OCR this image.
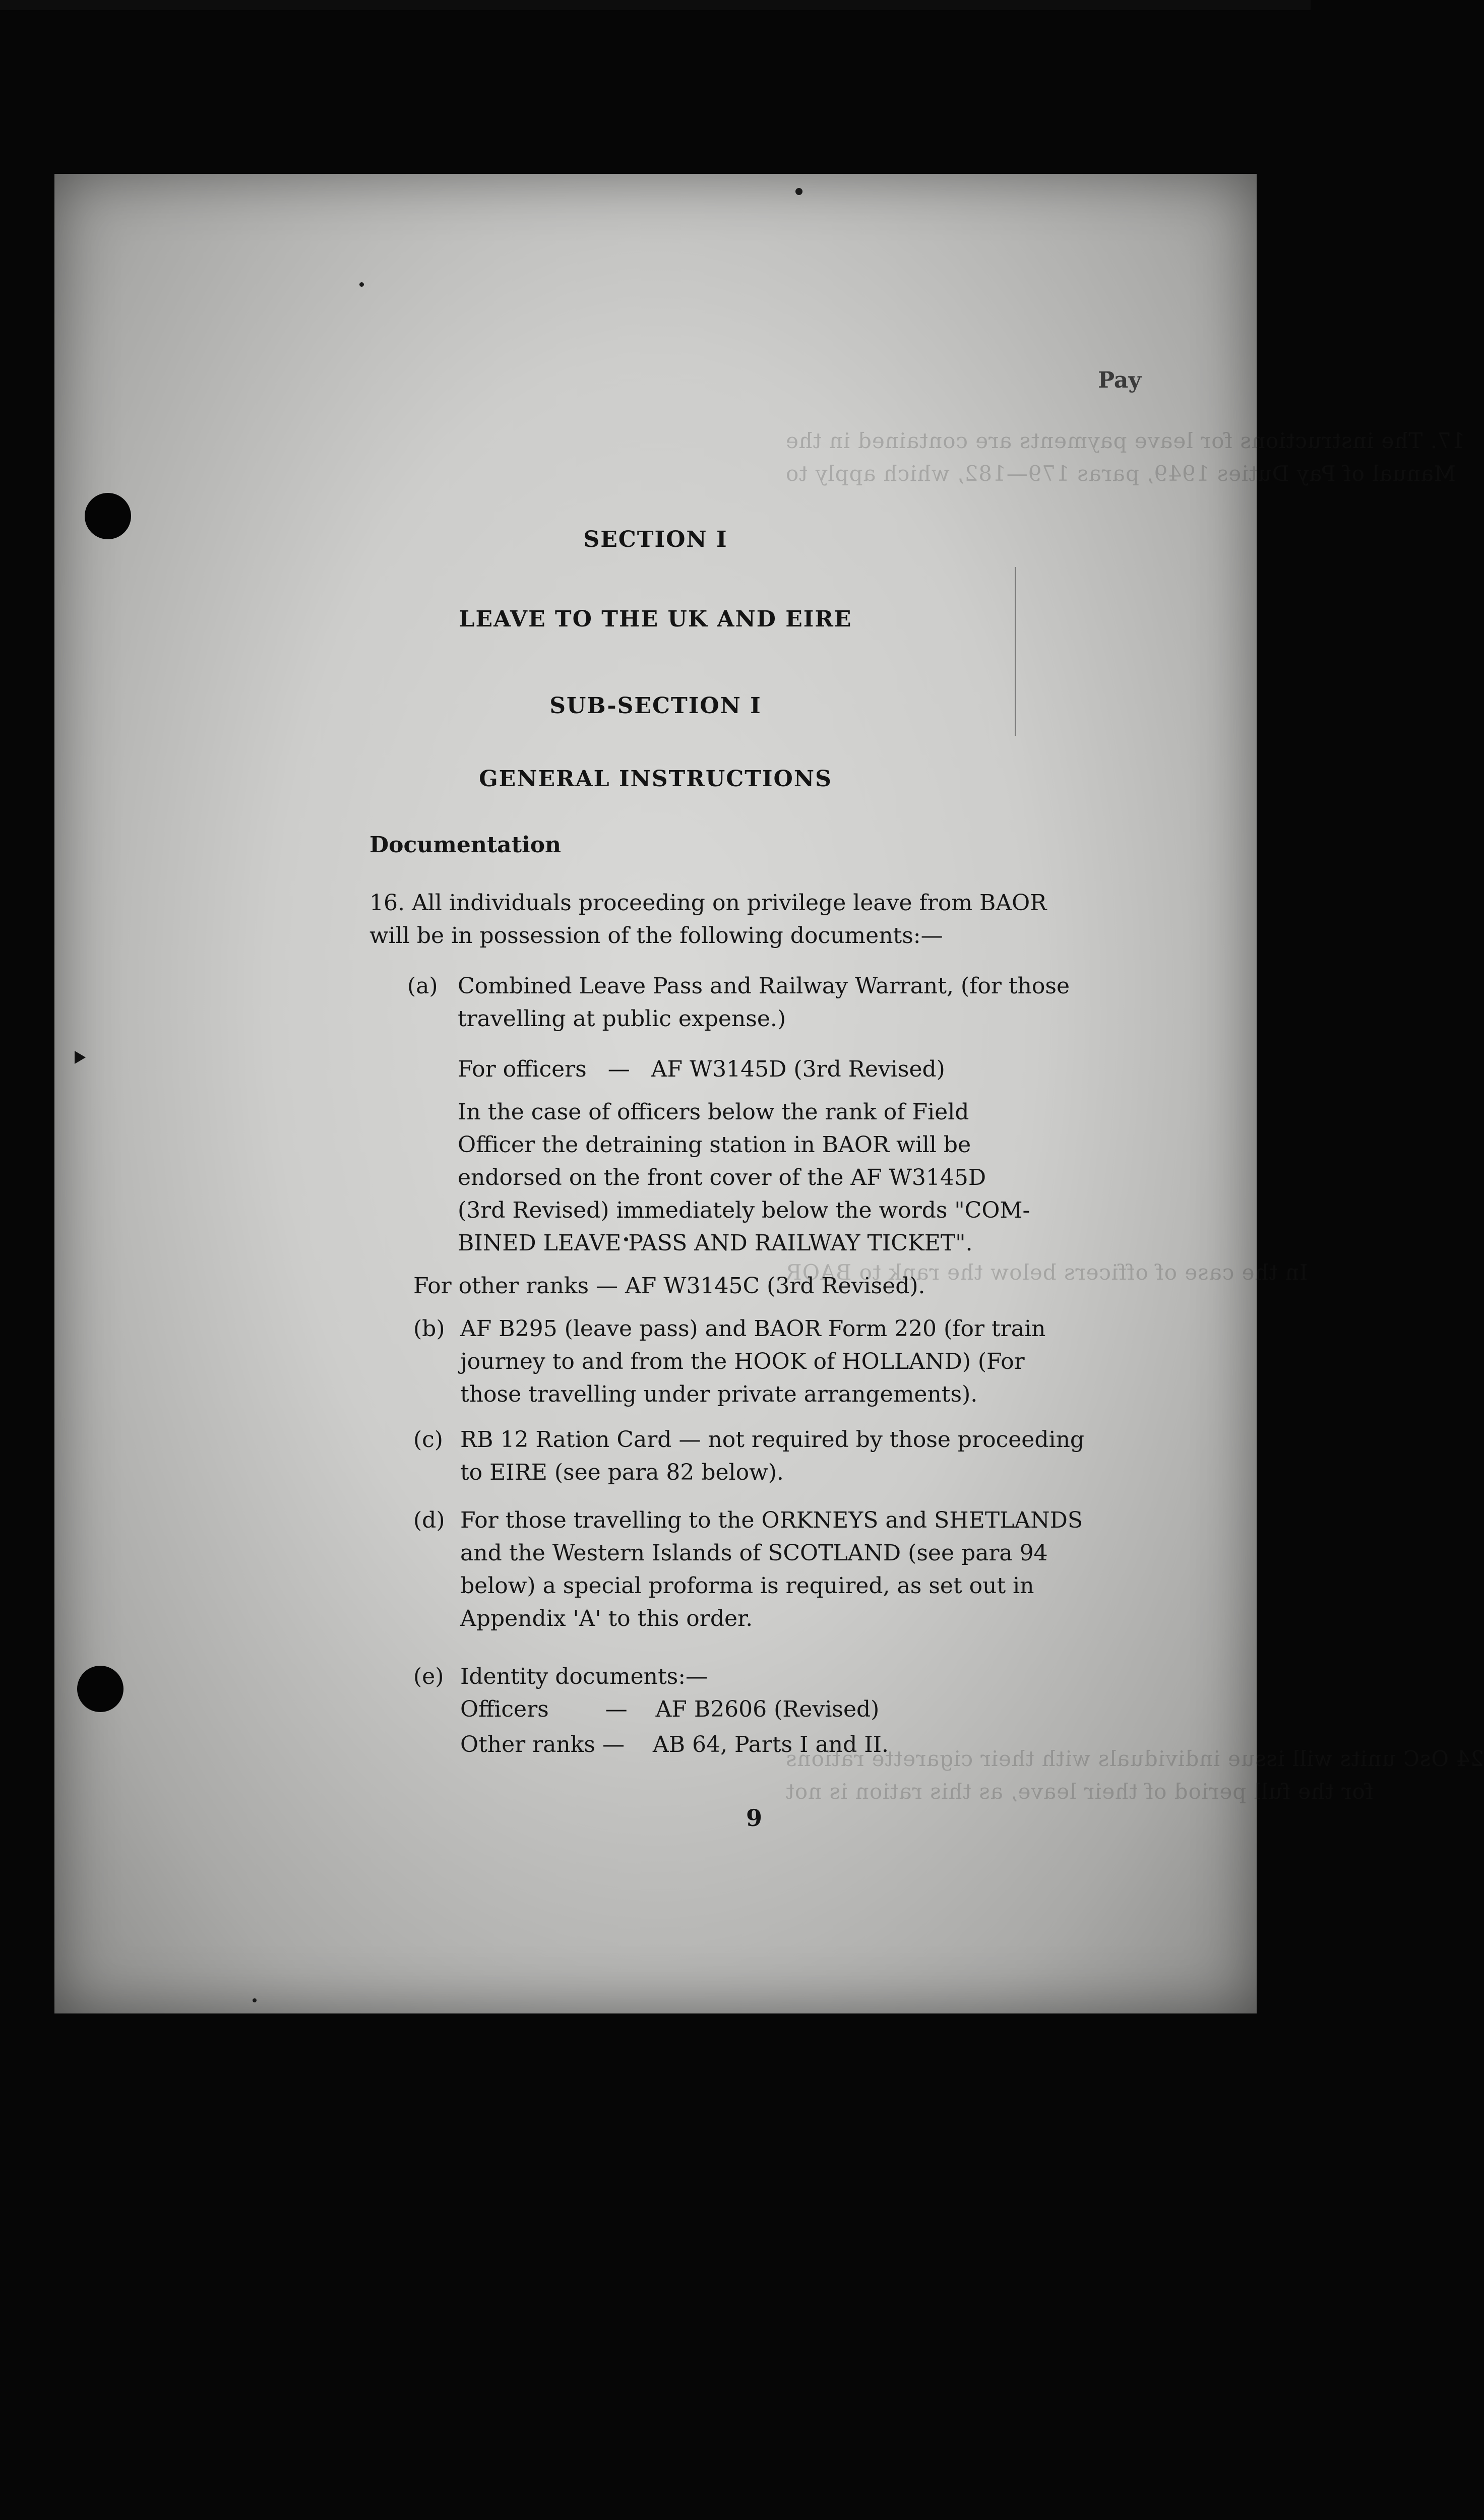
17. The instructions for leave payments are contained in the
Manual of Pay Duties 1949, paras 179—182, which apply to
In the case of officers below the rank to BAOR
24 OsC units will issue individuals with their cigarette rations
for the full period of their leave, as this ration is not
Pay
SECTION I
LEAVE TO THE UK AND EIRE
SUB-SECTION I
GENERAL INSTRUCTIONS
Documentation
16. All individuals proceeding on privilege leave from BAOR
will be in possession of the following documents:—
(a) Combined Leave Pass and Railway Warrant, (for those
travelling at public expense.)
For officers   —   AF W3145D (3rd Revised)
In the case of officers below the rank of Field
Officer the detraining station in BAOR will be
endorsed on the front cover of the AF W3145D
(3rd Revised) immediately below the words "COM-
BINED LEAVE PASS AND RAILWAY TICKET".
For other ranks — AF W3145C (3rd Revised).
(b) AF B295 (leave pass) and BAOR Form 220 (for train
journey to and from the HOOK of HOLLAND) (For
those travelling under private arrangements).
(c) RB 12 Ration Card — not required by those proceeding
to EIRE (see para 82 below).
(d) For those travelling to the ORKNEYS and SHETLANDS
and the Western Islands of SCOTLAND (see para 94
below) a special proforma is required, as set out in
Appendix 'A' to this order.
(e) Identity documents:—
Officers        —    AF B2606 (Revised)
Other ranks —    AB 64, Parts I and II.
9
